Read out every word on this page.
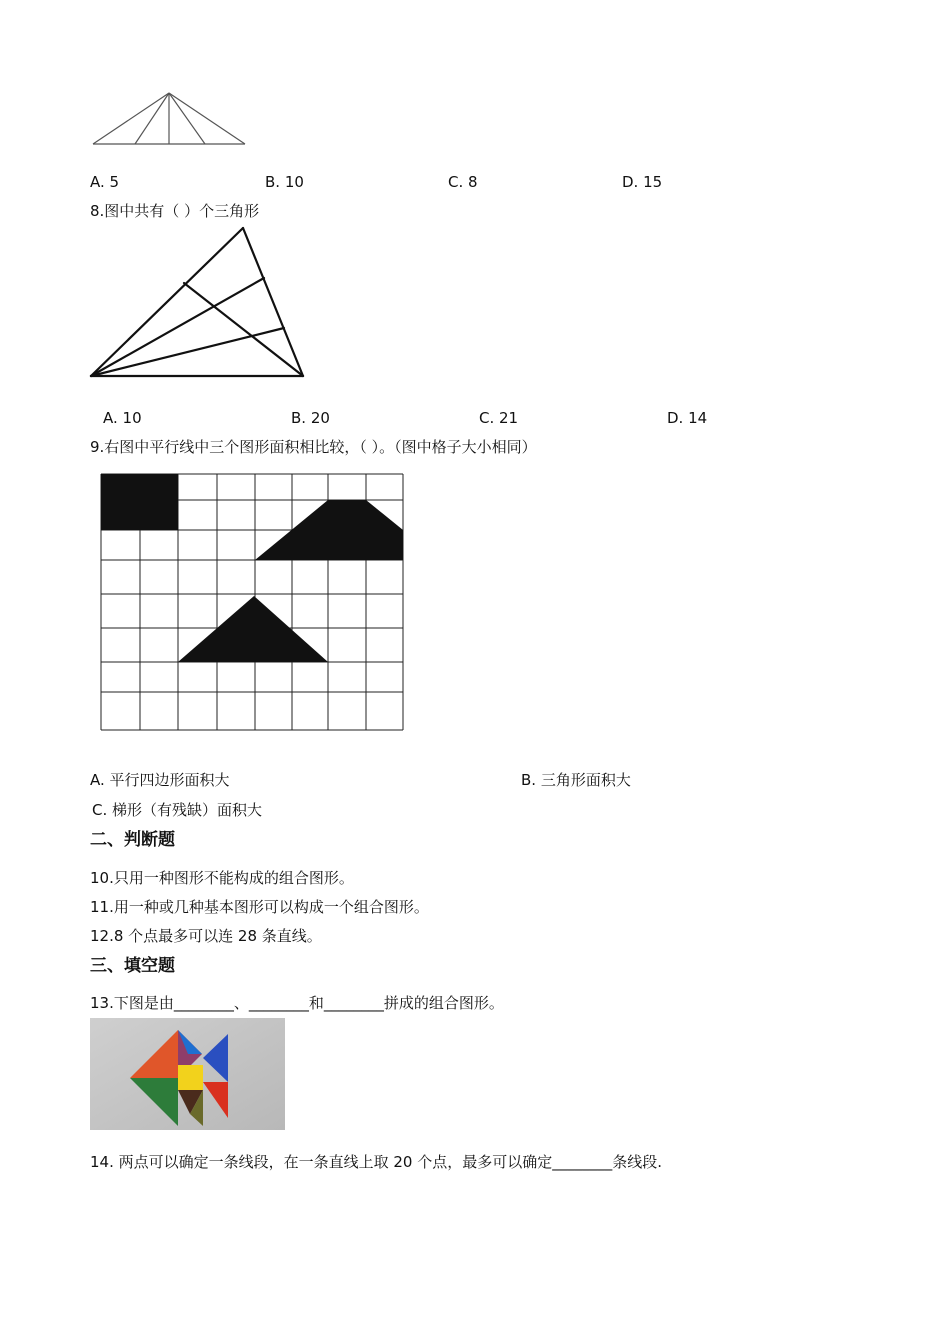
A. 5	B. 10	C. 8	D. 15
8.图中共有（ ）个三角形
A. 10	B. 20	C. 21	D. 14
9.右图中平行线中三个图形面积相比较，（ ）。（图中格子大小相同）
A. 平行四边形面积大	B. 三角形面积大
C. 梯形（有残缺）面积大
二、判断题
10.只用一种图形不能构成的组合图形。
11.用一种或几种基本图形可以构成一个组合图形。
12.8 个点最多可以连 28 条直线。
三、填空题
13.下图是由________、________和________拼成的组合图形。
14. 两点可以确定一条线段，在一条直线上取 20 个点，最多可以确定________条线段.
